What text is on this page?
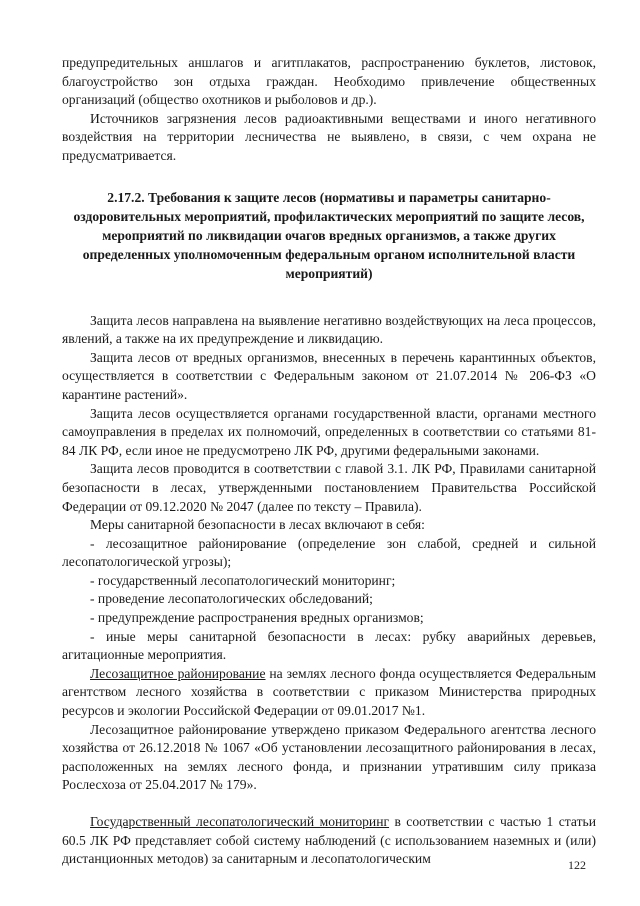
предупредительных аншлагов и агитплакатов, распространению буклетов, листовок, благоустройство зон отдыха граждан. Необходимо привлечение общественных организаций (общество охотников и рыболовов и др.).

Источников загрязнения лесов радиоактивными веществами и иного негативного воздействия на территории лесничества не выявлено, в связи, с чем охрана не предусматривается.

2.17.2. Требования к защите лесов (нормативы и параметры санитарно-оздоровительных мероприятий, профилактических мероприятий по защите лесов, мероприятий по ликвидации очагов вредных организмов, а также других определенных уполномоченным федеральным органом исполнительной власти мероприятий)

Защита лесов направлена на выявление негативно воздействующих на леса процессов, явлений, а также на их предупреждение и ликвидацию.

Защита лесов от вредных организмов, внесенных в перечень карантинных объектов, осуществляется в соответствии с Федеральным законом от 21.07.2014 № 206-ФЗ «О карантине растений».

Защита лесов осуществляется органами государственной власти, органами местного самоуправления в пределах их полномочий, определенных в соответствии со статьями 81-84 ЛК РФ, если иное не предусмотрено ЛК РФ, другими федеральными законами.

Защита лесов проводится в соответствии с главой 3.1. ЛК РФ, Правилами санитарной безопасности в лесах, утвержденными постановлением Правительства Российской Федерации от 09.12.2020 № 2047 (далее по тексту – Правила).

Меры санитарной безопасности в лесах включают в себя:

- лесозащитное районирование (определение зон слабой, средней и сильной лесопатологической угрозы);

- государственный лесопатологический мониторинг;

- проведение лесопатологических обследований;

- предупреждение распространения вредных организмов;

- иные меры санитарной безопасности в лесах: рубку аварийных деревьев, агитационные мероприятия.

Лесозащитное районирование на землях лесного фонда осуществляется Федеральным агентством лесного хозяйства в соответствии с приказом Министерства природных ресурсов и экологии Российской Федерации от 09.01.2017 №1.

Лесозащитное районирование утверждено приказом Федерального агентства лесного хозяйства от 26.12.2018 № 1067 «Об установлении лесозащитного районирования в лесах, расположенных на землях лесного фонда, и признании утратившим силу приказа Рослесхоза от 25.04.2017 № 179».

Государственный лесопатологический мониторинг в соответствии с частью 1 статьи 60.5 ЛК РФ представляет собой систему наблюдений (с использованием наземных и (или) дистанционных методов) за санитарным и лесопатологическим	122
